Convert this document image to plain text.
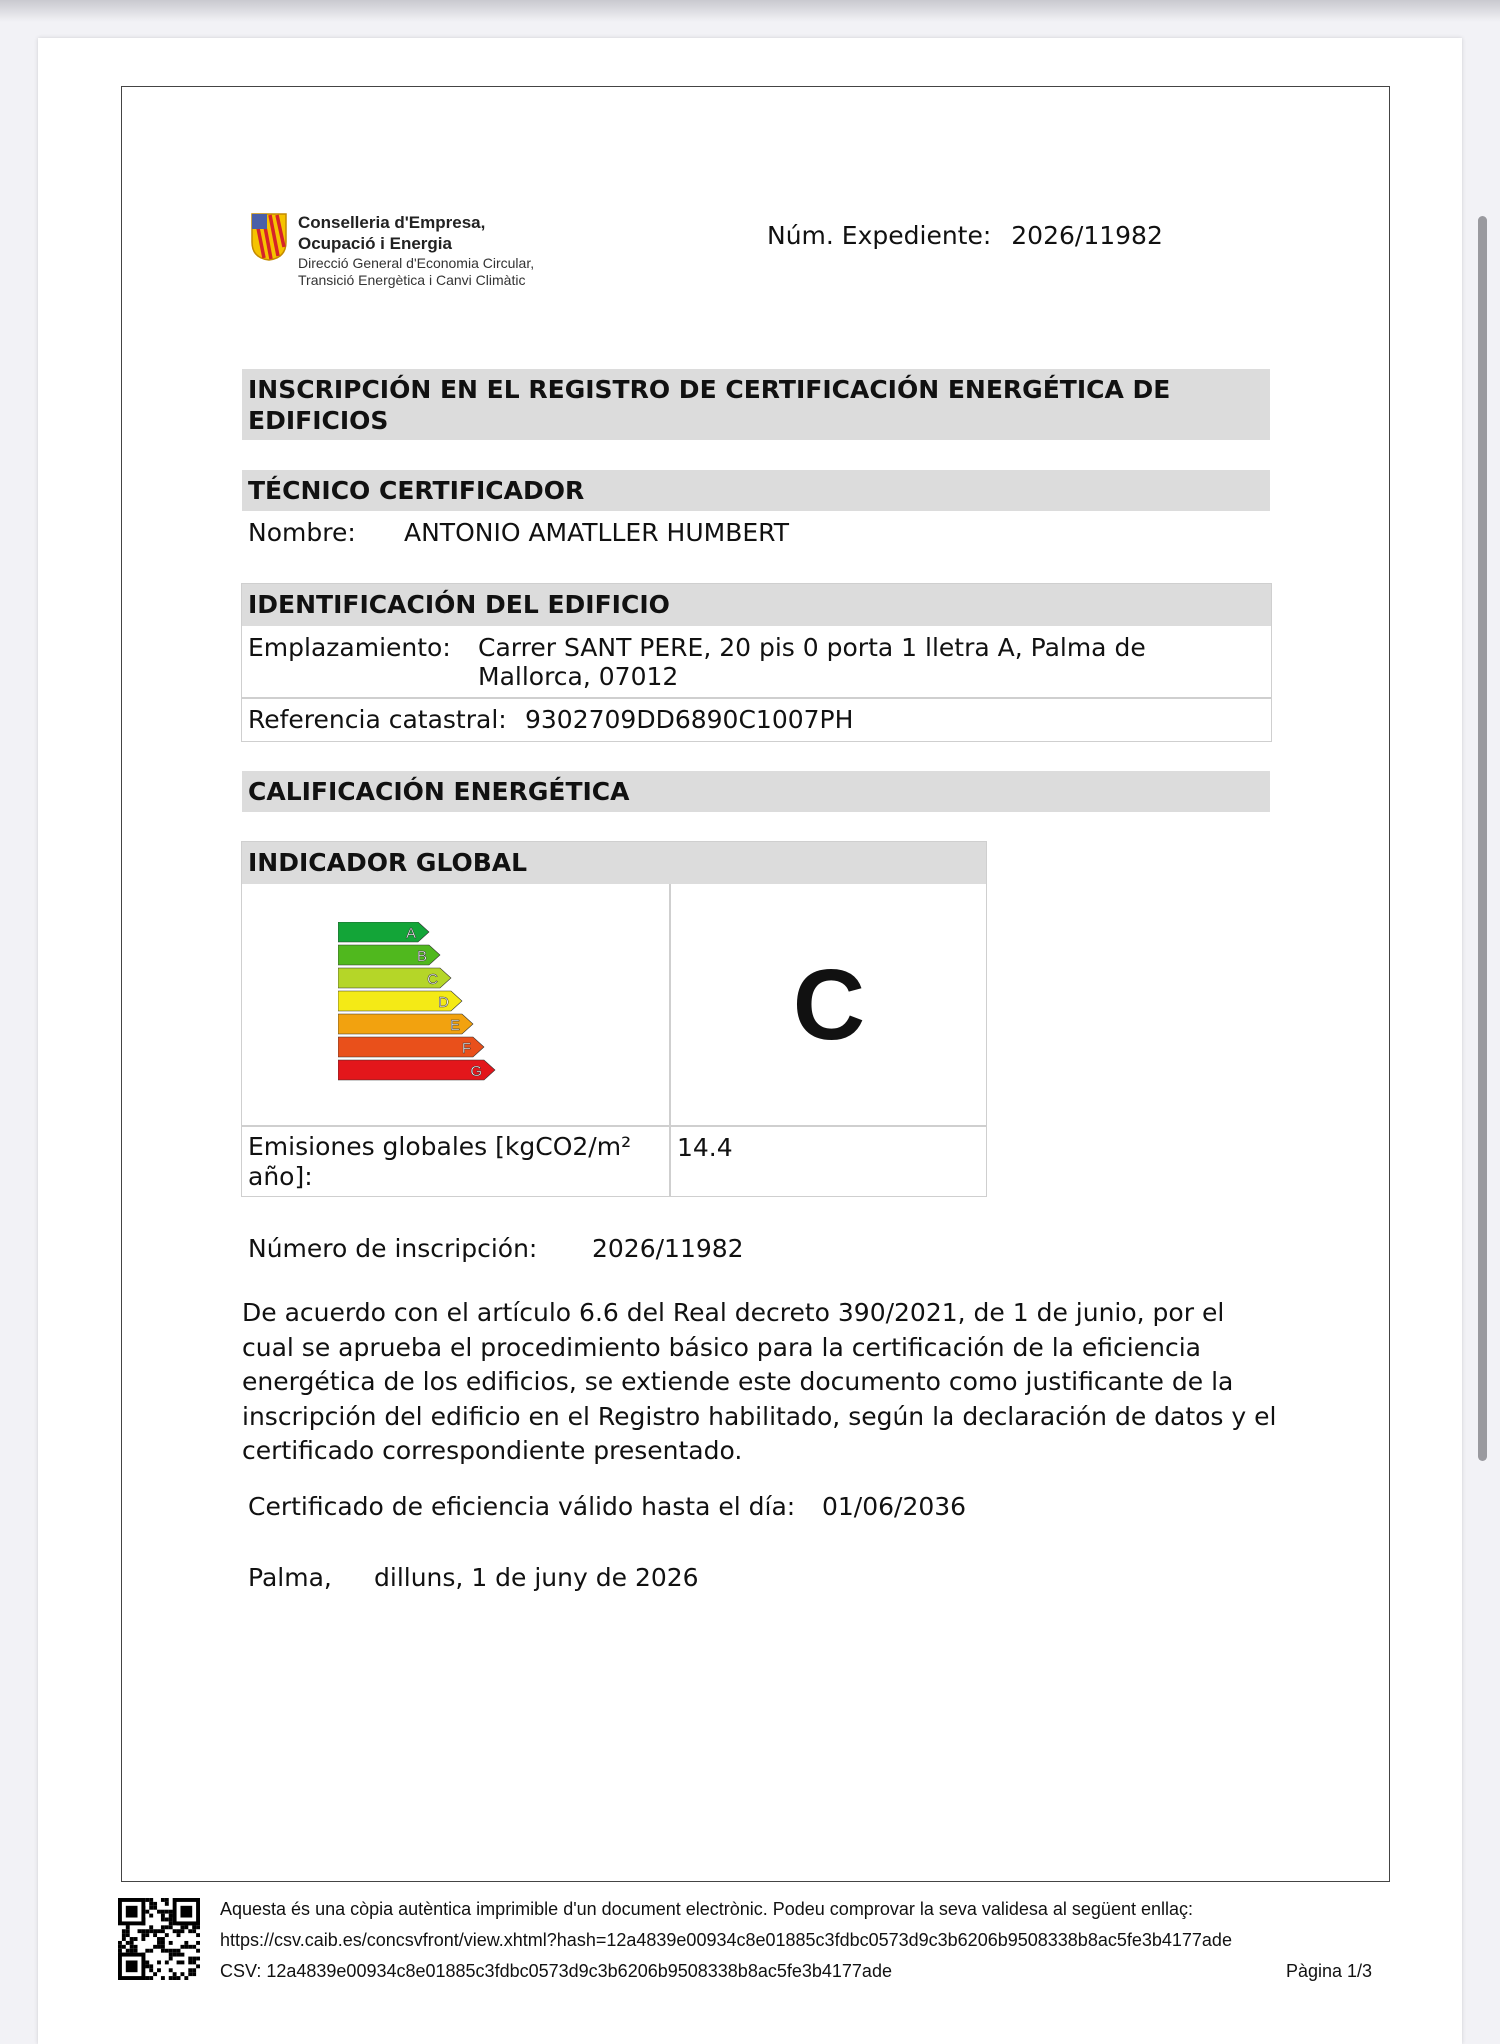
Conselleria d'Empresa,
Ocupació i Energia
Direcció General d'Economia Circular,
Transició Energètica i Canvi Climàtic
Núm. Expediente: 2026/11982
INSCRIPCIÓN EN EL REGISTRO DE CERTIFICACIÓN ENERGÉTICA DE
EDIFICIOS
TÉCNICO CERTIFICADOR
Nombre: ANTONIO AMATLLER HUMBERT
IDENTIFICACIÓN DEL EDIFICIO
Emplazamiento: Carrer SANT PERE, 20 pis 0 porta 1 lletra A, Palma de
Mallorca, 07012
Referencia catastral: 9302709DD6890C1007PH
CALIFICACIÓN ENERGÉTICA
INDICADOR GLOBAL
A
B
C
D
E
F
G
C
Emisiones globales [kgCO2/m²
año]:
14.4
Número de inscripción: 2026/11982
De acuerdo con el artículo 6.6 del Real decreto 390/2021, de 1 de junio, por el cual se aprueba el procedimiento básico para la certificación de la eficiencia energética de los edificios, se extiende este documento como justificante de la inscripción del edificio en el Registro habilitado, según la declaración de datos y el certificado correspondiente presentado.
Certificado de eficiencia válido hasta el día: 01/06/2036
Palma, dilluns, 1 de juny de 2026
Aquesta és una còpia autèntica imprimible d'un document electrònic. Podeu comprovar la seva validesa al següent enllaç:
https://csv.caib.es/concsvfront/view.xhtml?hash=12a4839e00934c8e01885c3fdbc0573d9c3b6206b9508338b8ac5fe3b4177ade
CSV: 12a4839e00934c8e01885c3fdbc0573d9c3b6206b9508338b8ac5fe3b4177ade	Pàgina 1/3
